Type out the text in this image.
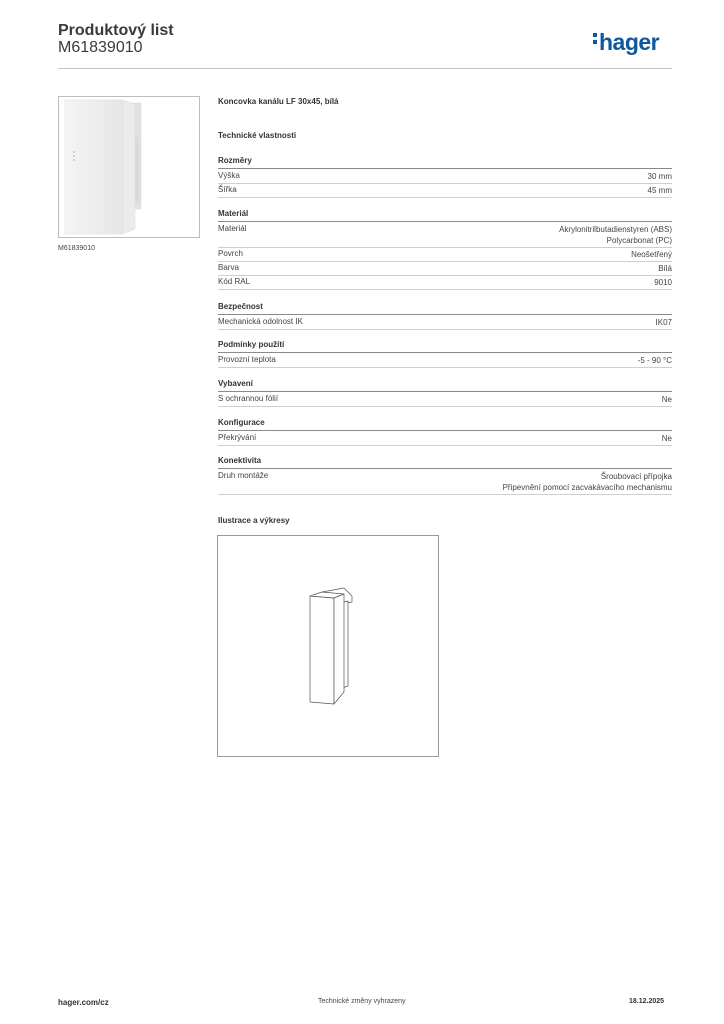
Produktový list
M61839010	hager
M61839010
Koncovka kanálu LF 30x45, bílá
Technické vlastnosti
Rozměry
Výška	30 mm
Šířka	45 mm
Materiál
Materiál	Akrylonitrilbutadienstyren (ABS)
Polycarbonat (PC)
Povrch	Neošetřený
Barva	Bílá
Kód RAL	9010
Bezpečnost
Mechanická odolnost IK	IK07
Podmínky použití
Provozní teplota	-5 - 90 °C
Vybavení
S ochrannou fólií	Ne
Konfigurace
Překrývání	Ne
Konektivita
Druh montáže	Šroubovací přípojka
Připevnění pomocí zacvakávacího mechanismu
Ilustrace a výkresy
hager.com/cz	Technické změny vyhrazeny	18.12.2025
